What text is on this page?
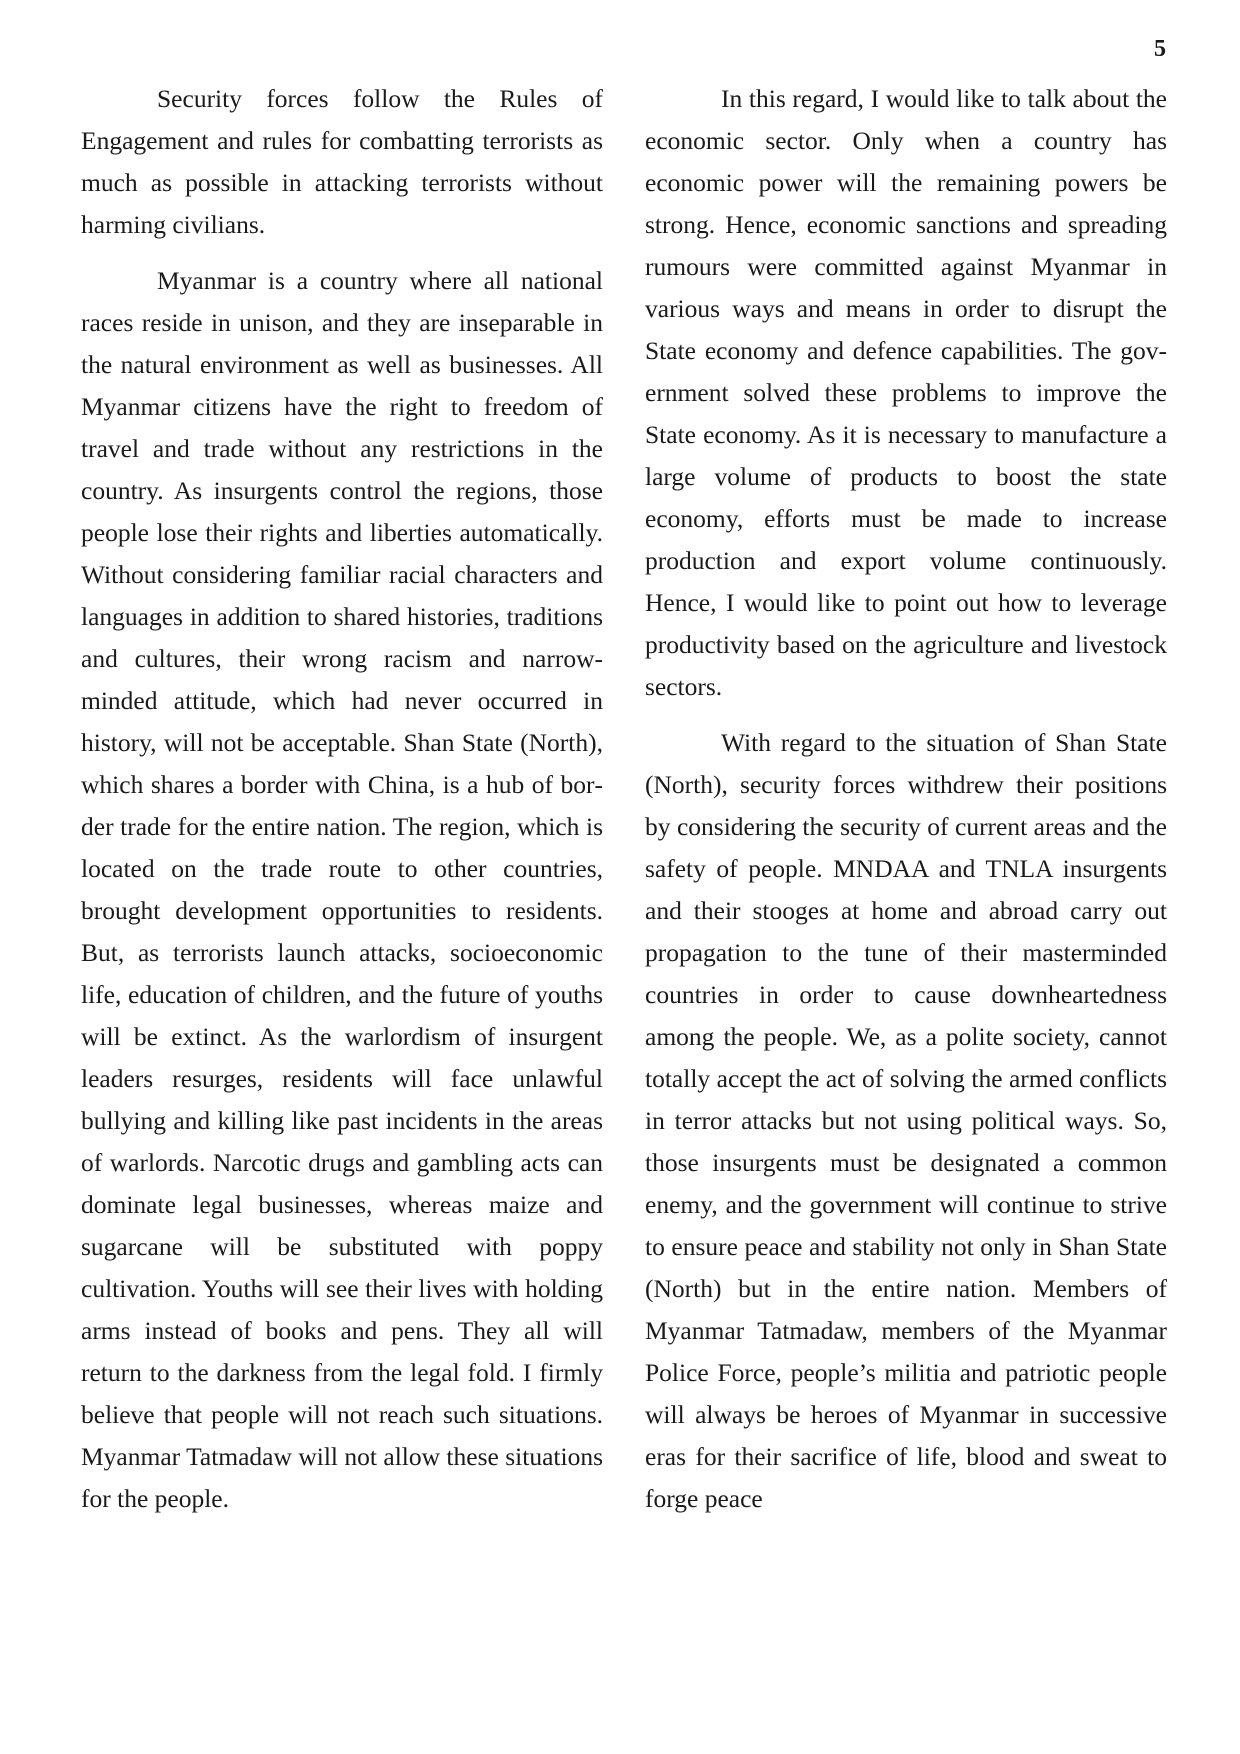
5

Security forces follow the Rules of Engagement and rules for combatting terrorists as much as possible in attacking terrorists without harming civilians.

Myanmar is a country where all national races reside in unison, and they are inseparable in the natural environment as well as businesses. All Myanmar citizens have the right to freedom of travel and trade without any restrictions in the country. As insurgents control the regions, those people lose their rights and liberties automatically. Without considering familiar racial characters and languages in addition to shared histories, traditions and cultures, their wrong racism and narrow-minded attitude, which had never occurred in history, will not be acceptable. Shan State (North), which shares a border with China, is a hub of border trade for the entire nation. The region, which is located on the trade route to other countries, brought development opportunities to residents. But, as terrorists launch attacks, socioeconomic life, education of children, and the future of youths will be extinct. As the warlordism of insurgent leaders resurges, residents will face unlawful bullying and killing like past incidents in the areas of warlords. Narcotic drugs and gambling acts can dominate legal businesses, whereas maize and sugarcane will be substituted with poppy cultivation. Youths will see their lives with holding arms instead of books and pens. They all will return to the darkness from the legal fold. I firmly believe that people will not reach such situations. Myanmar Tatmadaw will not allow these situations for the people.

In this regard, I would like to talk about the economic sector. Only when a country has economic power will the remaining powers be strong. Hence, economic sanctions and spreading rumours were committed against Myanmar in various ways and means in order to disrupt the State economy and defence capabilities. The government solved these problems to improve the State economy. As it is necessary to manufacture a large volume of products to boost the state economy, efforts must be made to increase production and export volume continuously. Hence, I would like to point out how to leverage productivity based on the agriculture and livestock sectors.

With regard to the situation of Shan State (North), security forces withdrew their positions by considering the security of current areas and the safety of people. MNDAA and TNLA insurgents and their stooges at home and abroad carry out propagation to the tune of their masterminded countries in order to cause downheartedness among the people. We, as a polite society, cannot totally accept the act of solving the armed conflicts in terror attacks but not using political ways. So, those insurgents must be designated a common enemy, and the government will continue to strive to ensure peace and stability not only in Shan State (North) but in the entire nation. Members of Myanmar Tatmadaw, members of the Myanmar Police Force, people’s militia and patriotic people will always be heroes of Myanmar in successive eras for their sacrifice of life, blood and sweat to forge peace
